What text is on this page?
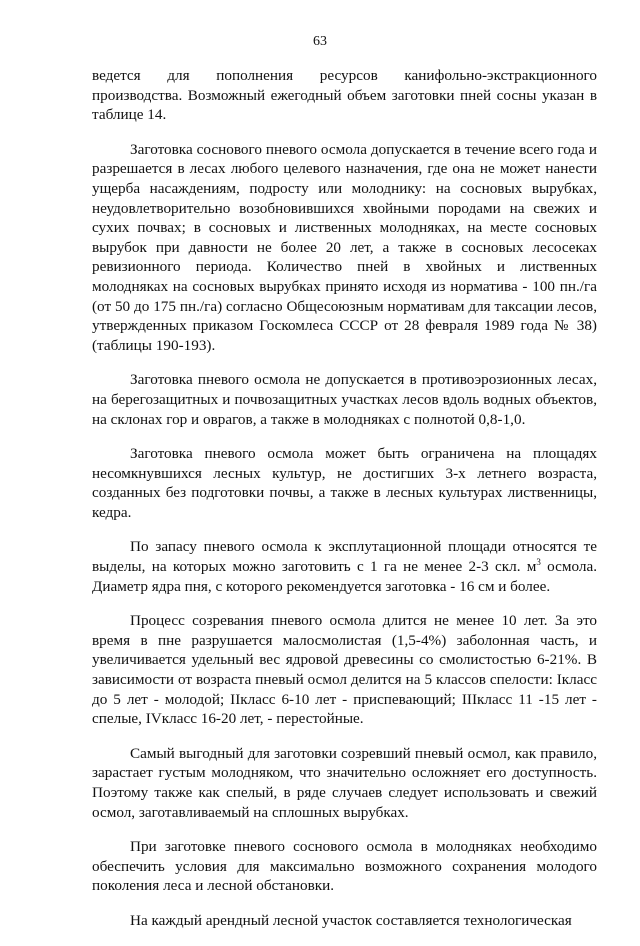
63

ведется для пополнения ресурсов канифольно-экстракционного производства. Возможный ежегодный объем заготовки пней сосны указан в таблице 14.

Заготовка соснового пневого осмола допускается в течение всего года и разрешается в лесах любого целевого назначения, где она не может нанести ущерба насаждениям, подросту или молоднику: на сосновых вырубках, неудовлетворительно возобновившихся хвойными породами на свежих и сухих почвах; в сосновых и лиственных молодняках, на месте сосновых вырубок при давности не более 20 лет, а также в сосновых лесосеках ревизионного периода. Количество пней в хвойных и лиственных молодняках на сосновых вырубках принято исходя из норматива - 100 пн./га (от 50 до 175 пн./га) согласно Общесоюзным нормативам для таксации лесов, утвержденных приказом Госкомлеса СССР от 28 февраля 1989 года № 38) (таблицы 190-193).

Заготовка пневого осмола не допускается в противоэрозионных лесах, на берегозащитных и почвозащитных участках лесов вдоль водных объектов, на склонах гор и оврагов, а также в молодняках с полнотой 0,8-1,0.

Заготовка пневого осмола может быть ограничена на площадях несомкнувшихся лесных культур, не достигших 3-х летнего возраста, созданных без подготовки почвы, а также в лесных культурах лиственницы, кедра.

По запасу пневого осмола к эксплутационной площади относятся те выделы, на которых можно заготовить с 1 га не менее 2-3 скл. $м^3$ осмола. Диаметр ядра пня, с которого рекомендуется заготовка - 16 см и более.

Процесс созревания пневого осмола длится не менее 10 лет. За это время в пне разрушается малосмолистая (1,5-4%) заболонная часть, и увеличивается удельный вес ядровой древесины со смолистостью 6-21%. В зависимости от возраста пневый осмол делится на 5 классов спелости: Iкласс до 5 лет - молодой; IIкласс 6-10 лет - приспевающий; IIIкласс 11 -15 лет - спелые, IVкласс 16-20 лет, - перестойные.

Самый выгодный для заготовки созревший пневый осмол, как правило, зарастает густым молодняком, что значительно осложняет его доступность. Поэтому также как спелый, в ряде случаев следует использовать и свежий осмол, заготавливаемый на сплошных вырубках.

При заготовке пневого соснового осмола в молодняках необходимо обеспечить условия для максимально возможного сохранения молодого поколения леса и лесной обстановки.

На каждый арендный лесной участок составляется технологическая
